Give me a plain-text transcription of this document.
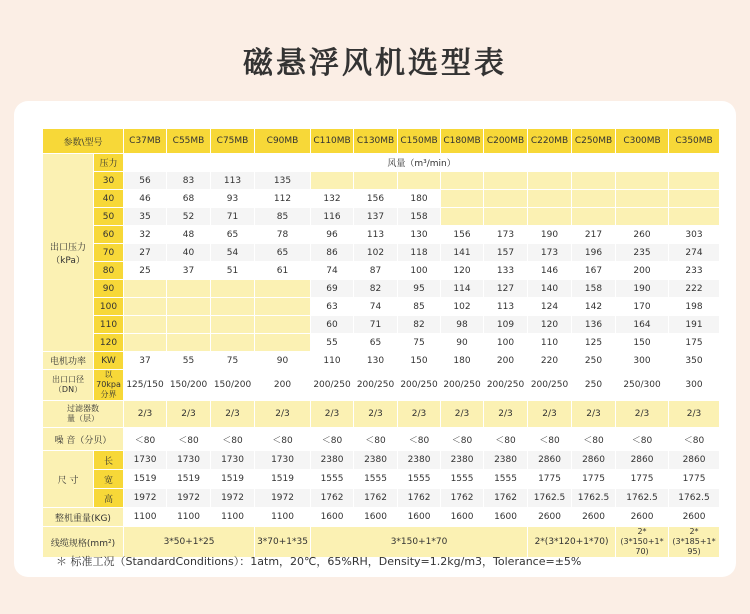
磁悬浮风机选型表
参数\型号		C37MB	C55MB	C75MB	C90MB	C110MB	C130MB	C150MB	C180MB	C200MB	C220MB	C250MB	C300MB	C350MB
出口压力
（kPa）	压力	风量（m³/min）												
	30	56	83	113	135									
	40	46	68	93	112	132	156	180						
	50	35	52	71	85	116	137	158						
	60	32	48	65	78	96	113	130	156	173	190	217	260	303
	70	27	40	54	65	86	102	118	141	157	173	196	235	274
	80	25	37	51	61	74	87	100	120	133	146	167	200	233
	90					69	82	95	114	127	140	158	190	222
	100					63	74	85	102	113	124	142	170	198
	110					60	71	82	98	109	120	136	164	191
	120					55	65	75	90	100	110	125	150	175
电机功率	KW	37	55	75	90	110	130	150	180	200	220	250	300	350
出口口径
（DN）	以70kpa
分界	125/150	150/200	150/200	200	200/250	200/250	200/250	200/250	200/250	200/250	250	250/300	300
过滤器数
量（层）		2/3	2/3	2/3	2/3	2/3	2/3	2/3	2/3	2/3	2/3	2/3	2/3	2/3
噪 音（分贝）		＜80	＜80	＜80	＜80	＜80	＜80	＜80	＜80	＜80	＜80	＜80	＜80	＜80
尺 寸	长	1730	1730	1730	1730	2380	2380	2380	2380	2380	2860	2860	2860	2860
	宽	1519	1519	1519	1519	1555	1555	1555	1555	1555	1775	1775	1775	1775
	高	1972	1972	1972	1972	1762	1762	1762	1762	1762	1762.5	1762.5	1762.5	1762.5
整机重量(KG)		1100	1100	1100	1100	1600	1600	1600	1600	1600	2600	2600	2600	2600
线缆规格(mm²)		3*50+1*25			3*70+1*35	3*150+1*70					2*(3*120+1*70)		2*(3*150+1*
70)	2*(3*185+1*
95)
＊ 标准工况（StandardConditions）：1atm，20℃，65%RH，Density=1.2kg/m3，Tolerance=±5%
